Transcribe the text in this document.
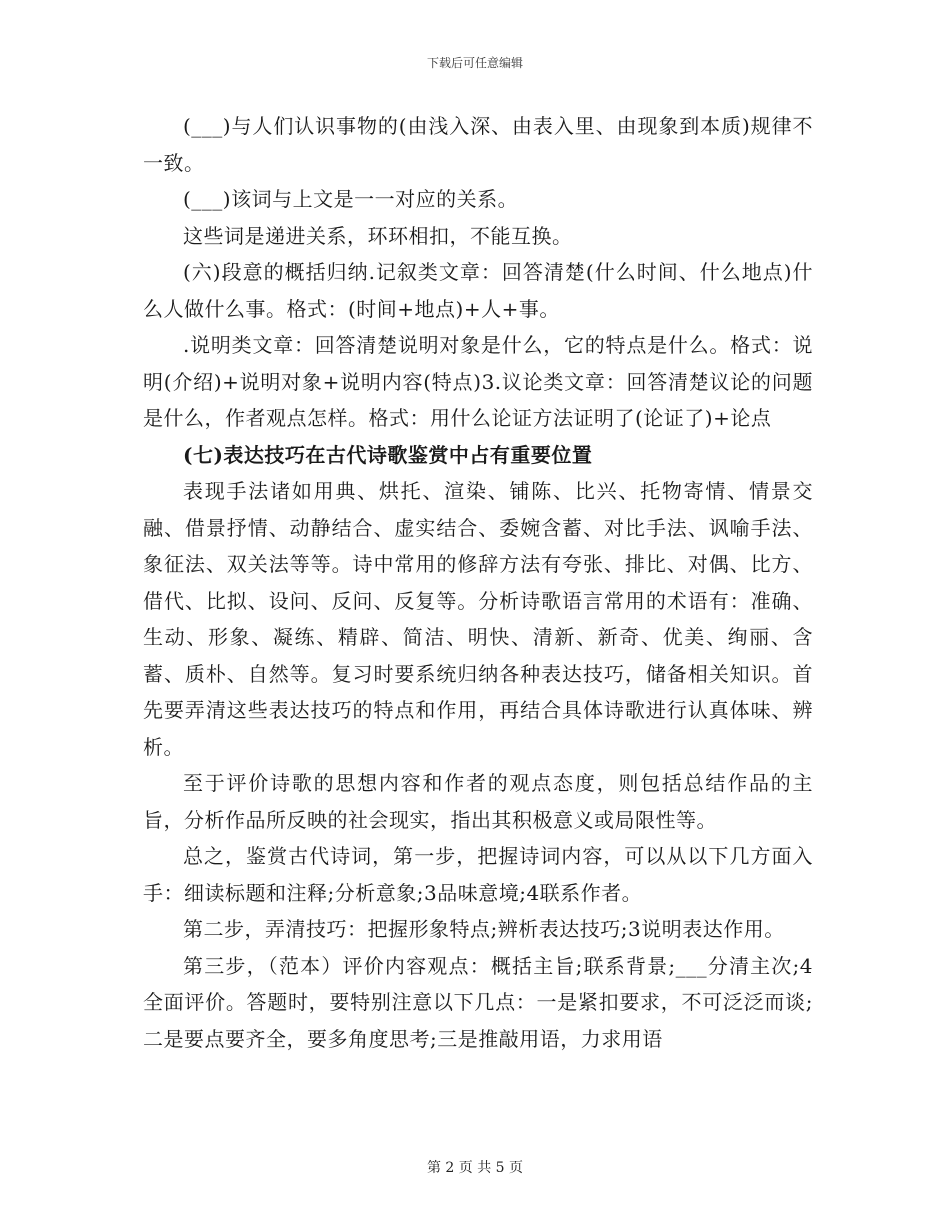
下载后可任意编辑

(___)与人们认识事物的(由浅入深、由表入里、由现象到本质)规律不一致。

(___)该词与上文是一一对应的关系。

这些词是递进关系，环环相扣，不能互换。

(六)段意的概括归纳.记叙类文章：回答清楚(什么时间、什么地点)什么人做什么事。格式：(时间+地点)+人+事。

.说明类文章：回答清楚说明对象是什么，它的特点是什么。格式：说明(介绍)+说明对象+说明内容(特点)3.议论类文章：回答清楚议论的问题是什么，作者观点怎样。格式：用什么论证方法证明了(论证了)+论点

(七)表达技巧在古代诗歌鉴赏中占有重要位置

表现手法诸如用典、烘托、渲染、铺陈、比兴、托物寄情、情景交融、借景抒情、动静结合、虚实结合、委婉含蓄、对比手法、讽喻手法、象征法、双关法等等。诗中常用的修辞方法有夸张、排比、对偶、比方、借代、比拟、设问、反问、反复等。分析诗歌语言常用的术语有：准确、生动、形象、凝练、精辟、简洁、明快、清新、新奇、优美、绚丽、含蓄、质朴、自然等。复习时要系统归纳各种表达技巧，储备相关知识。首先要弄清这些表达技巧的特点和作用，再结合具体诗歌进行认真体味、辨析。

至于评价诗歌的思想内容和作者的观点态度，则包括总结作品的主旨，分析作品所反映的社会现实，指出其积极意义或局限性等。

总之，鉴赏古代诗词，第一步，把握诗词内容，可以从以下几方面入手：细读标题和注释;分析意象;3品味意境;4联系作者。

第二步，弄清技巧：把握形象特点;辨析表达技巧;3说明表达作用。

第三步，（范本）评价内容观点：概括主旨;联系背景;___分清主次;4全面评价。答题时，要特别注意以下几点：一是紧扣要求，不可泛泛而谈;二是要点要齐全，要多角度思考;三是推敲用语，力求用语

第 2 页 共 5 页
